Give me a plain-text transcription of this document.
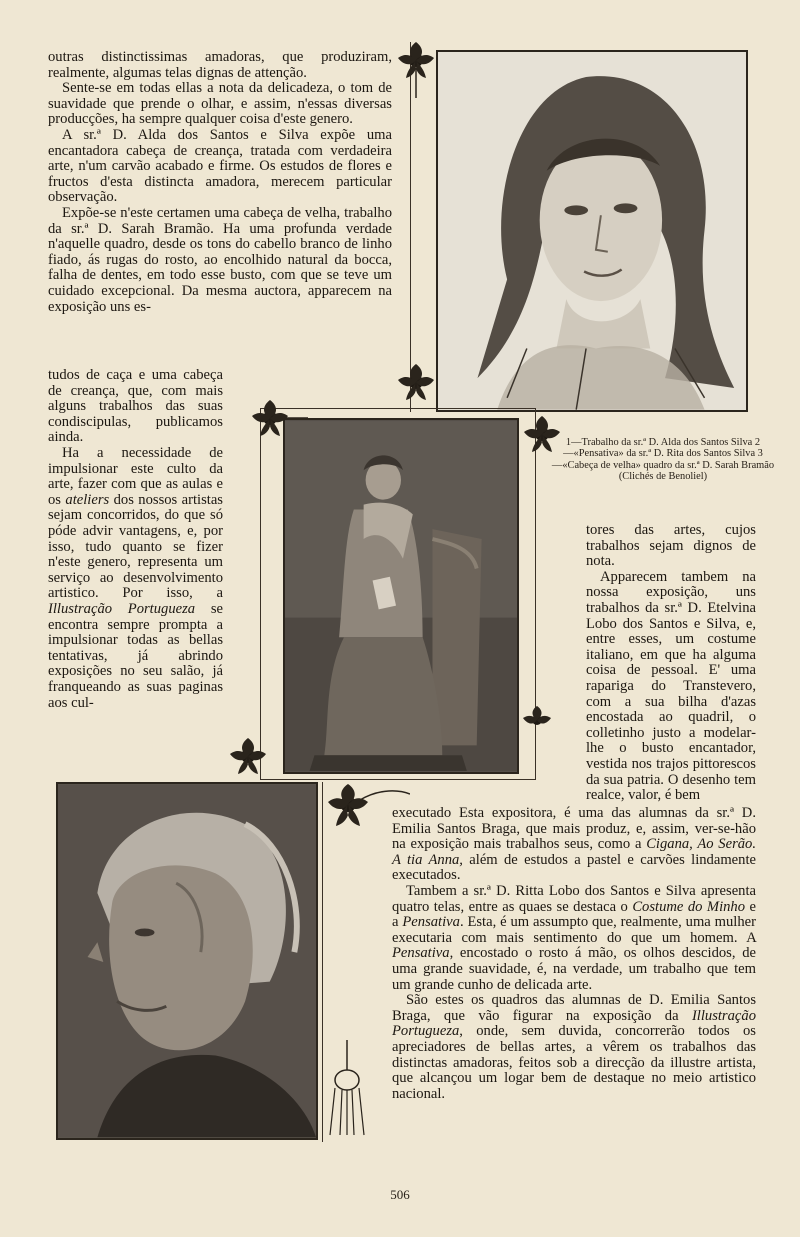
outras distinctissimas amadoras, que produziram, realmente, algumas telas dignas de attenção.

Sente-se em todas ellas a nota da delicadeza, o tom de suavidade que prende o olhar, e assim, n'essas diversas producções, ha sempre qualquer coisa d'este genero.

A sr.ª D. Alda dos Santos e Silva expõe uma encantadora cabeça de creança, tratada com verdadeira arte, n'um carvão acabado e firme. Os estudos de flores e fructos d'esta distincta amadora, merecem particular observação.

Expõe-se n'este certamen uma cabeça de velha, trabalho da sr.ª D. Sarah Bramão. Ha uma profunda verdade n'aquelle quadro, desde os tons do cabello branco de linho fiado, ás rugas do rosto, ao encolhido natural da bocca, falha de dentes, em todo esse busto, com que se teve um cuidado excepcional. Da mesma auctora, apparecem na exposição uns es-

tudos de caça e uma cabeça de creança, que, com mais alguns trabalhos das suas condiscipulas, publicamos ainda.

Ha a necessidade de impulsionar este culto da arte, fazer com que as aulas e os ateliers dos nossos artistas sejam concorridos, do que só póde advir vantagens, e, por isso, tudo quanto se fizer n'este genero, representa um serviço ao desenvolvimento artistico. Por isso, a Illustração Portugueza se encontra sempre prompta a impulsionar todas as bellas tentativas, já abrindo exposições no seu salão, já franqueando as suas paginas aos cul-

tores das artes, cujos trabalhos sejam dignos de nota.

Apparecem tambem na nossa exposição, uns trabalhos da sr.ª D. Etelvina Lobo dos Santos e Silva, e, entre esses, um costume italiano, em que ha alguma coisa de pessoal. E' uma rapariga do Transtevero, com a sua bilha d'azas encostada ao quadril, o colletinho justo a modelar-lhe o busto encantador, vestida nos trajos pittorescos da sua patria. O desenho tem realce, valor, é bem

executado Esta expositora, é uma das alumnas da sr.ª D. Emilia Santos Braga, que mais produz, e, assim, ver-se-hão na exposição mais trabalhos seus, como a Cigana, Ao Serão. A tia Anna, além de estudos a pastel e carvões lindamente executados.

Tambem a sr.ª D. Ritta Lobo dos Santos e Silva apresenta quatro telas, entre as quaes se destaca o Costume do Minho e a Pensativa. Esta, é um assumpto que, realmente, uma mulher executaria com mais sentimento do que um homem. A Pensativa, encostado o rosto á mão, os olhos descidos, de uma grande suavidade, é, na verdade, um trabalho que tem um grande cunho de delicada arte.

São estes os quadros das alumnas de D. Emilia Santos Braga, que vão figurar na exposição da Illustração Portugueza, onde, sem duvida, concorrerão todos os apreciadores de bellas artes, a vêrem os trabalhos das distinctas amadoras, feitos sob a direcção da illustre artista, que alcançou um logar bem de destaque no meio artistico nacional.

1—Trabalho da sr.ª D. Alda dos Santos Silva 2—«Pensativa» da sr.ª D. Rita dos Santos Silva 3—«Cabeça de velha» quadro da sr.ª D. Sarah Bramão (Clichés de Benoliel)
506
